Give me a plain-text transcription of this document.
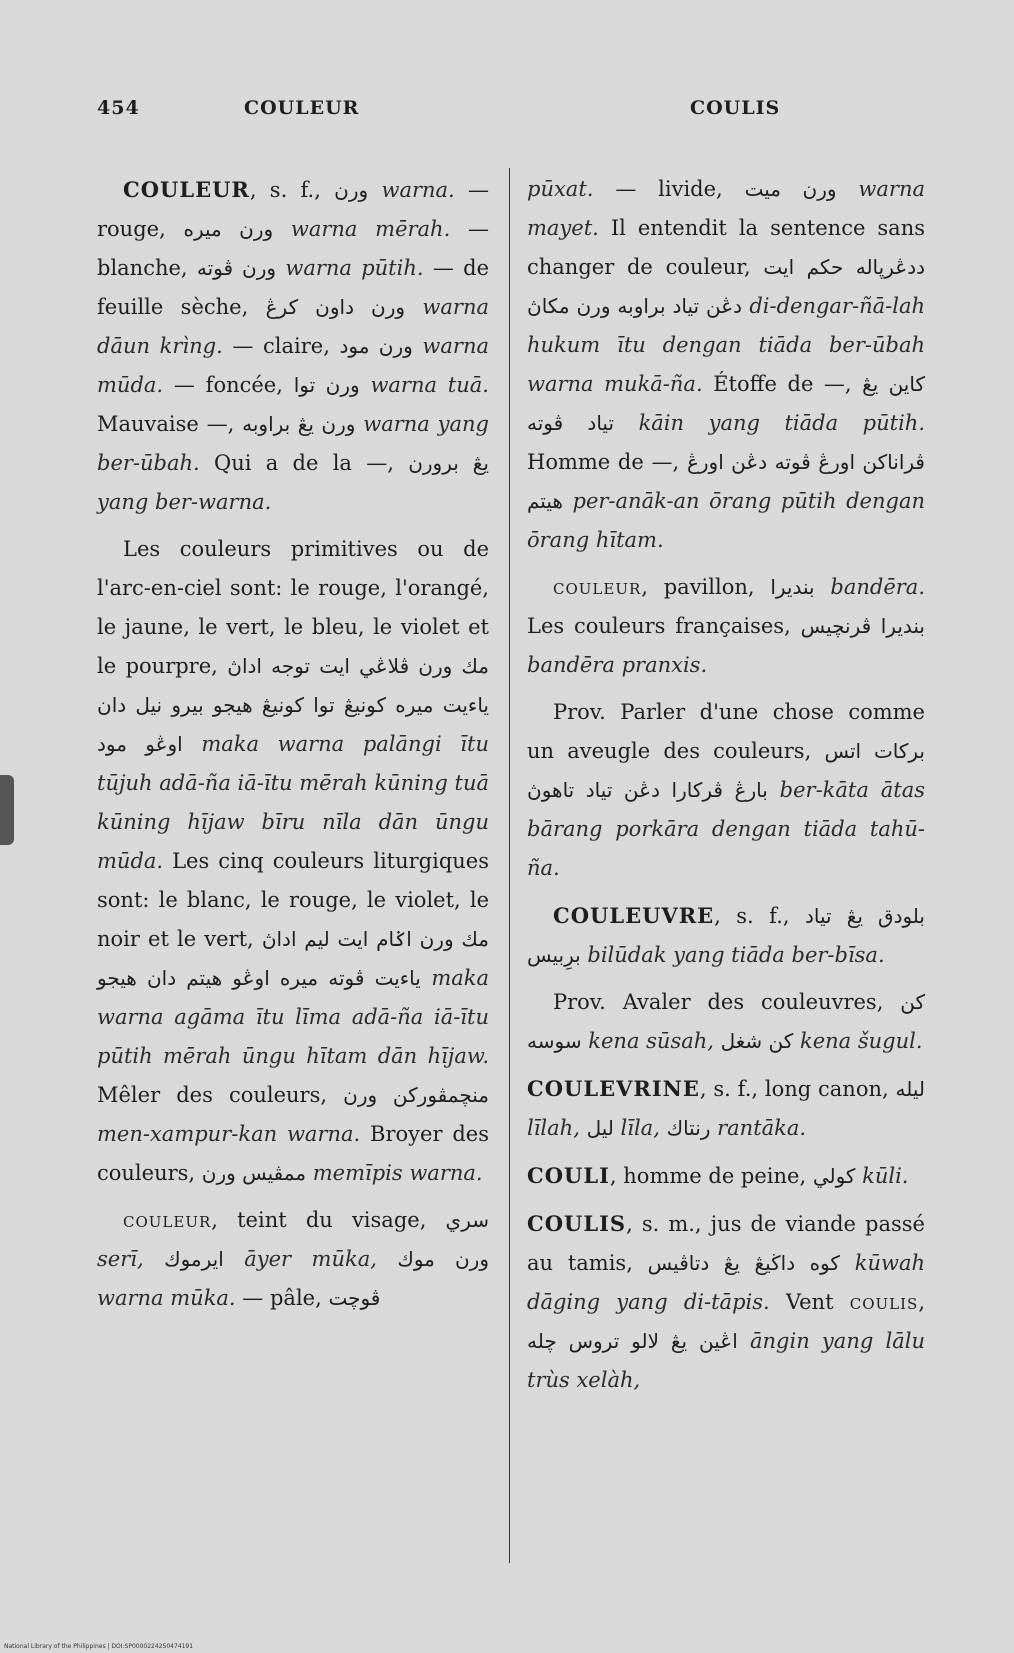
454	COULEUR	COULIS

COULEUR, s. f., ورن warna. — rouge, ورن ميره warna mērah. — blanche, ورن ڤوته warna pūtih. — de feuille sèche, ورن داون كرڠ warna dāun krìng. — claire, ورن مود warna mūda. — foncée, ورن توا warna tuā. Mauvaise —, ورن يڠ براوبه warna yang ber-ūbah. Qui a de la —, يڠ برورن yang ber-warna.

Les couleurs primitives ou de l'arc-en-ciel sont: le rouge, l'orangé, le jaune, le vert, le bleu, le violet et le pourpre, مك ورن ڤلاڠي ايت توجه اداڽ ياءيت ميره كونيڠ توا كونيڠ هيجو بيرو نيل دان اوڠو مود maka warna palāngi ītu tūjuh adā-ña iā-ītu mērah kūning tuā kūning hījaw bīru nīla dān ūngu mūda. Les cinq couleurs liturgiques sont: le blanc, le rouge, le violet, le noir et le vert, مك ورن اݢام ايت ليم اداڽ ياءيت ڤوته ميره اوڠو هيتم دان هيجو maka warna agāma ītu līma adā-ña iā-ītu pūtih mērah ūngu hītam dān hījaw. Mêler des couleurs, منچمڤوركن ورن men-xampur-kan warna. Broyer des couleurs, ممڤيس ورن memīpis warna.

couleur, teint du visage, سري serī, ايرموك āyer mūka, ورن موك warna mūka. — pâle, ڤوچت

pūxat. — livide, ورن ميت warna mayet. Il entendit la sentence sans changer de couleur, ددڠرڽاله حكم ايت دڠن تياد براوبه ورن مكاڽ di-dengar-ñā-lah hukum ītu dengan tiāda ber-ūbah warna mukā-ña. Étoffe de —, كاين يڠ تياد ڤوته kāin yang tiāda pūtih. Homme de —, ڤراناكن اورڠ ڤوته دڠن اورڠ هيتم per-anāk-an ōrang pūtih dengan ōrang hītam.

couleur, pavillon, بنديرا bandēra. Les couleurs françaises, بنديرا ڤرنچيس bandēra pranxis.

Prov. Parler d'une chose comme un aveugle des couleurs, بركات اتس بارڠ ڤركارا دڠن تياد تاهوڽ ber-kāta ātas bārang porkāra dengan tiāda tahū-ña.

COULEUVRE, s. f., بلودق يڠ تياد برِبيس bilūdak yang tiāda ber-bīsa.

Prov. Avaler des couleuvres, كن سوسه kena sūsah, كن شغل kena šugul.

COULEVRINE, s. f., long canon, ليله līlah, ليل līla, رنتاك rantāka.

COULI, homme de peine, كولي kūli.

COULIS, s. m., jus de viande passé au tamis, كوه داڬيڠ يڠ دتاڤيس kūwah dāging yang di-tāpis. Vent coulis, اڠين يڠ لالو تروس چله āngin yang lālu trùs xelàh,

National Library of the Philippines | DOI:SP0000224250474191
